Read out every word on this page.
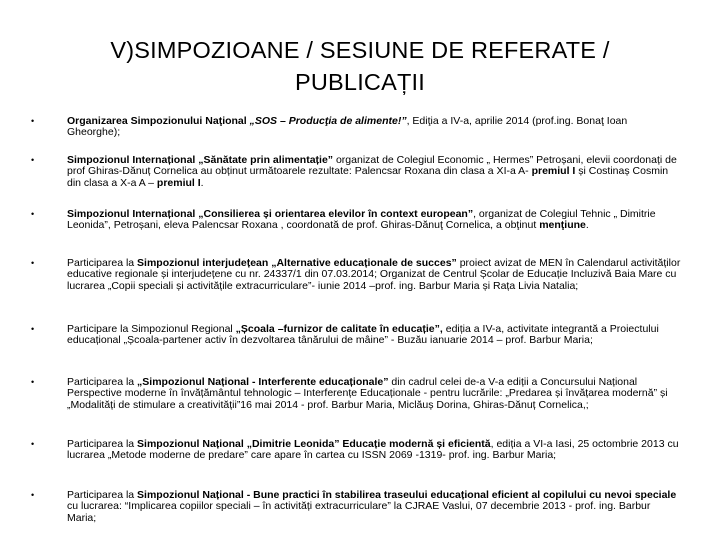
V)SIMPOZIOANE / SESIUNE DE REFERATE /
PUBLICAȚII
•	Organizarea Simpozionului Naţional „SOS – Producţia de alimente!”, Ediţia a IV-a, aprilie 2014 (prof.ing. Bonaţ Ioan Gheorghe);
•	Simpozionul Internațional „Sănătate prin alimentație” organizat de Colegiul Economic „ Hermes” Petroșani, elevii coordonați de prof Ghiras-Dănuț Cornelica au obținut următoarele rezultate: Palencsar Roxana din clasa a XI-a A- premiul I și Costinaș Cosmin din clasa a X-a A – premiul I.
•	Simpozionul Internațional „Consilierea și orientarea elevilor în context european”, organizat de Colegiul Tehnic „ Dimitrie Leonida”, Petroșani, eleva Palencsar Roxana , coordonată de prof. Ghiras-Dănuţ Cornelica, a obţinut menţiune.
•	Participarea la Simpozionul interjudețean „Alternative educaționale de succes” proiect avizat de MEN în Calendarul activităților educative regionale și interjudețene cu nr. 24337/1 din 07.03.2014; Organizat de Centrul Școlar de Educație Incluzivă Baia Mare cu lucrarea „Copii speciali și activitățile extracurriculare”- iunie 2014 –prof. ing. Barbur Maria și Rața Livia Natalia;
•	Participare la Simpozionul Regional „Școala –furnizor de calitate în educație”, ediția a IV-a, activitate integrantă a Proiectului educațional „Școala-partener activ în dezvoltarea tânărului de mâine” - Buzău ianuarie 2014 – prof. Barbur Maria;
•	Participarea la „Simpozionul Național - Interferente educaționale” din cadrul celei de-a V-a ediții a Concursului Național Perspective moderne în învățământul tehnologic – Interferențe Educaționale - pentru lucrările: „Predarea și învățarea modernă” și „Modalități de stimulare a creativității”16 mai 2014 - prof. Barbur Maria, Miclăuș Dorina, Ghiras-Dănuț Cornelica,;
•	Participarea la Simpozionul Național „Dimitrie Leonida” Educație modernă și eficientă, ediția a VI-a Iasi, 25 octombrie 2013 cu lucrarea „Metode moderne de predare” care apare în cartea cu ISSN 2069 -1319- prof. ing. Barbur Maria;
•	Participarea la Simpozionul Național - Bune practici în stabilirea traseului educațional eficient al copilului cu nevoi speciale cu lucrarea: “Implicarea copiilor speciali – în activități extracurriculare” la CJRAE Vaslui, 07 decembrie 2013 - prof. ing. Barbur Maria;
